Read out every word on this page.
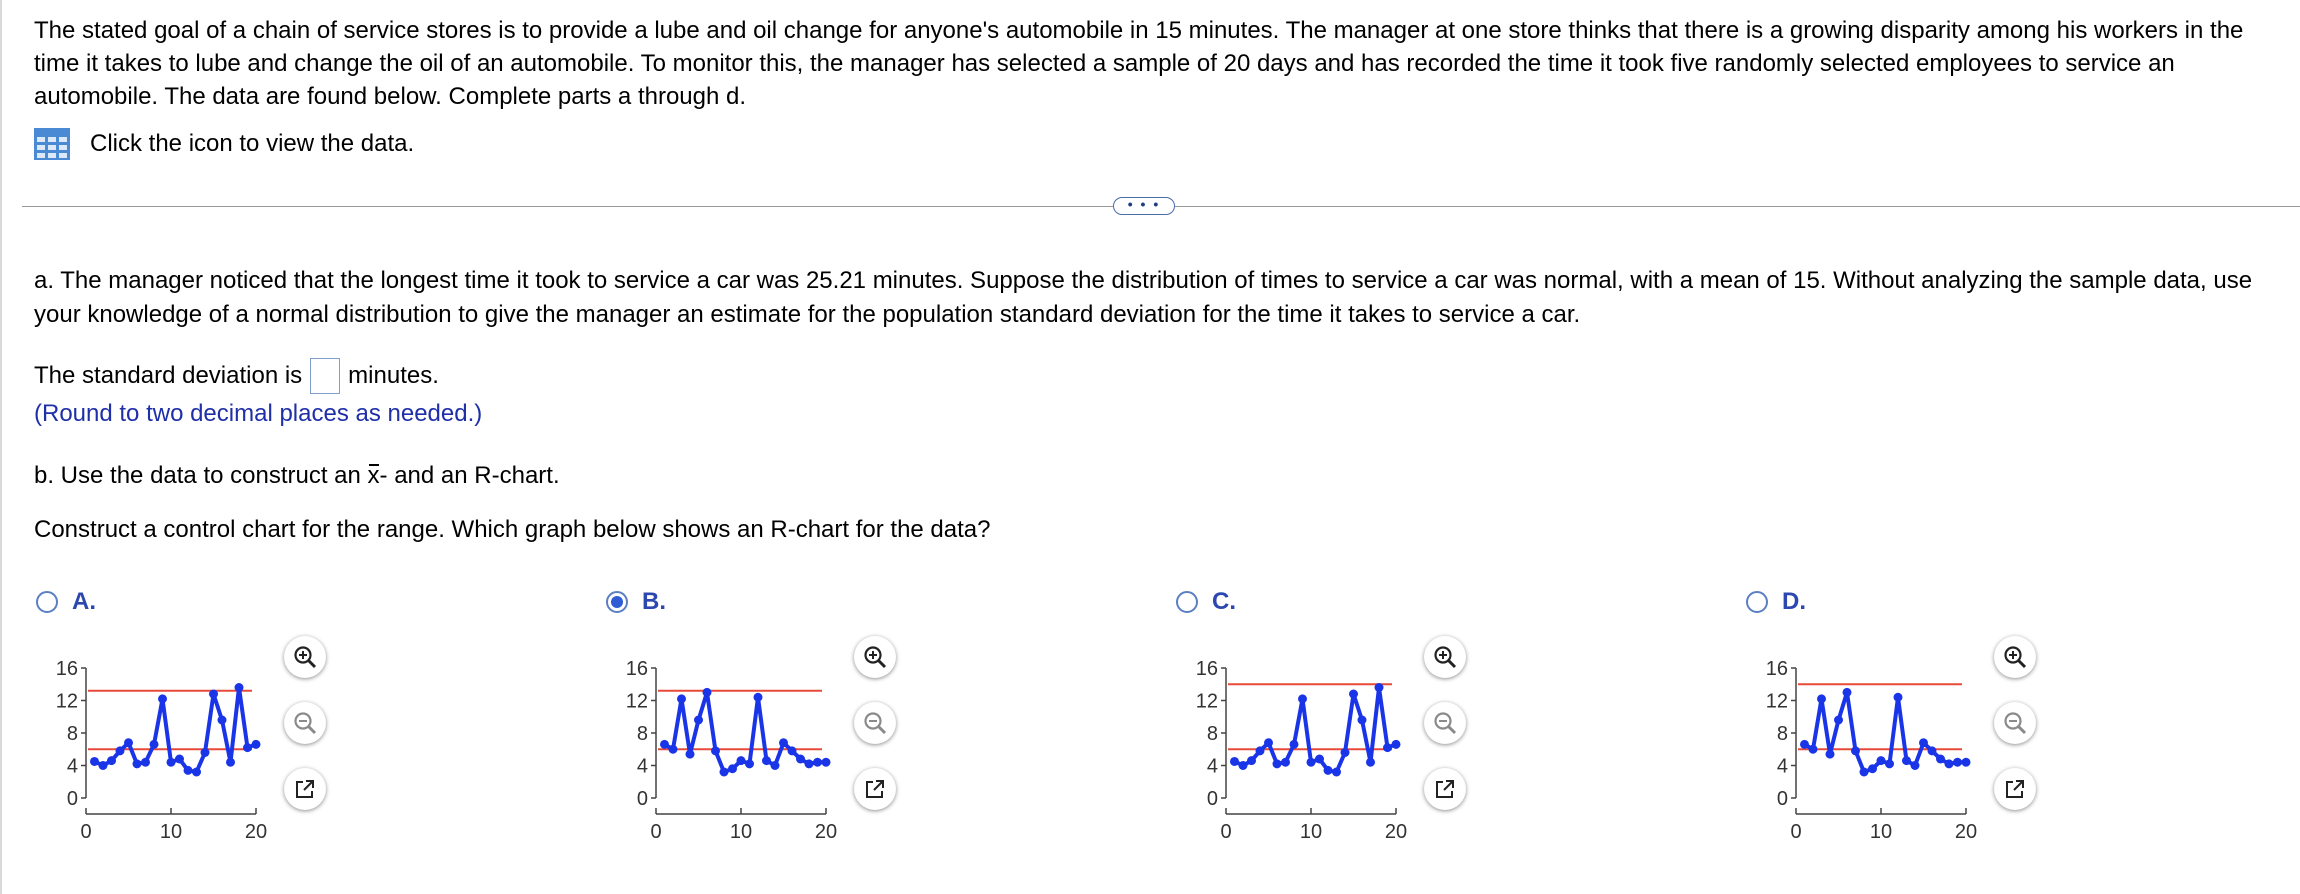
The stated goal of a chain of service stores is to provide a lube and oil change for anyone's automobile in 15 minutes. The manager at one store thinks that there is a growing disparity among his workers in the time it takes to lube and change the oil of an automobile. To monitor this, the manager has selected a sample of 20 days and has recorded the time it took five randomly selected employees to service an automobile. The data are found below. Complete parts a through d.

Click the icon to view the data.
• • •

a. The manager noticed that the longest time it took to service a car was 25.21 minutes. Suppose the distribution of times to service a car was normal, with a mean of 15. Without analyzing the sample data, use your knowledge of a normal distribution to give the manager an estimate for the population standard deviation for the time it takes to service a car.

The standard deviation is minutes.
(Round to two decimal places as needed.)
b. Use the data to construct an x- and an R-chart.
Construct a control chart for the range. Which graph below shows an R-chart for the data?
A.
0
4
8
12
16
0	10	20
B.
0
4
8
12
16
0	10	20
C.
0
4
8
12
16
0	10	20
D.
0
4
8
12
16
0	10	20
